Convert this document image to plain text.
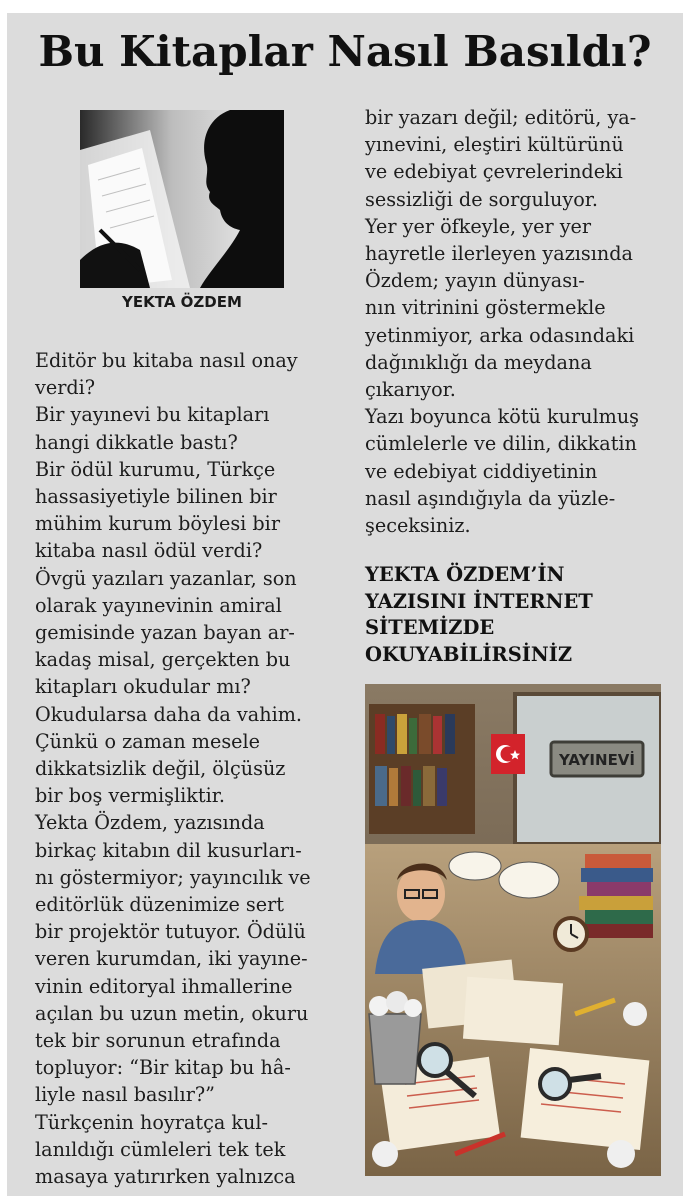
Bu Kitaplar Nasıl Basıldı?
YEKTA ÖZDEM
Editör bu kitaba nasıl onay
verdi?
Bir yayınevi bu kitapları
hangi dikkatle bastı?
Bir ödül kurumu, Türkçe
hassasiyetiyle bilinen bir
mühim kurum böylesi bir
kitaba nasıl ödül verdi?
Övgü yazıları yazanlar, son
olarak yayınevinin amiral
gemisinde yazan bayan ar-
kadaş misal, gerçekten bu
kitapları okudular mı?
Okudularsa daha da vahim.
Çünkü o zaman mesele
dikkatsizlik değil, ölçüsüz
bir boş vermişliktir.
Yekta Özdem, yazısında
birkaç kitabın dil kusurları-
nı göstermiyor; yayıncılık ve
editörlük düzenimize sert
bir projektör tutuyor. Ödülü
veren kurumdan, iki yayıne-
vinin editoryal ihmallerine
açılan bu uzun metin, okuru
tek bir sorunun etrafında
topluyor: “Bir kitap bu hâ-
liyle nasıl basılır?”
Türkçenin hoyratça kul-
lanıldığı cümleleri tek tek
masaya yatırırken yalnızca
bir yazarı değil; editörü, ya-
yınevini, eleştiri kültürünü
ve edebiyat çevrelerindeki
sessizliği de sorguluyor.
Yer yer öfkeyle, yer yer
hayretle ilerleyen yazısında
Özdem; yayın dünyası-
nın vitrinini göstermekle
yetinmiyor, arka odasındaki
dağınıklığı da meydana
çıkarıyor.
Yazı boyunca kötü kurulmuş
cümlelerle ve dilin, dikkatin
ve edebiyat ciddiyetinin
nasıl aşındığıyla da yüzle-
şeceksiniz.
YEKTA ÖZDEM’İN
YAZISINI İNTERNET
SİTEMİZDE
OKUYABİLİRSİNİZ
YAYINEVİ
